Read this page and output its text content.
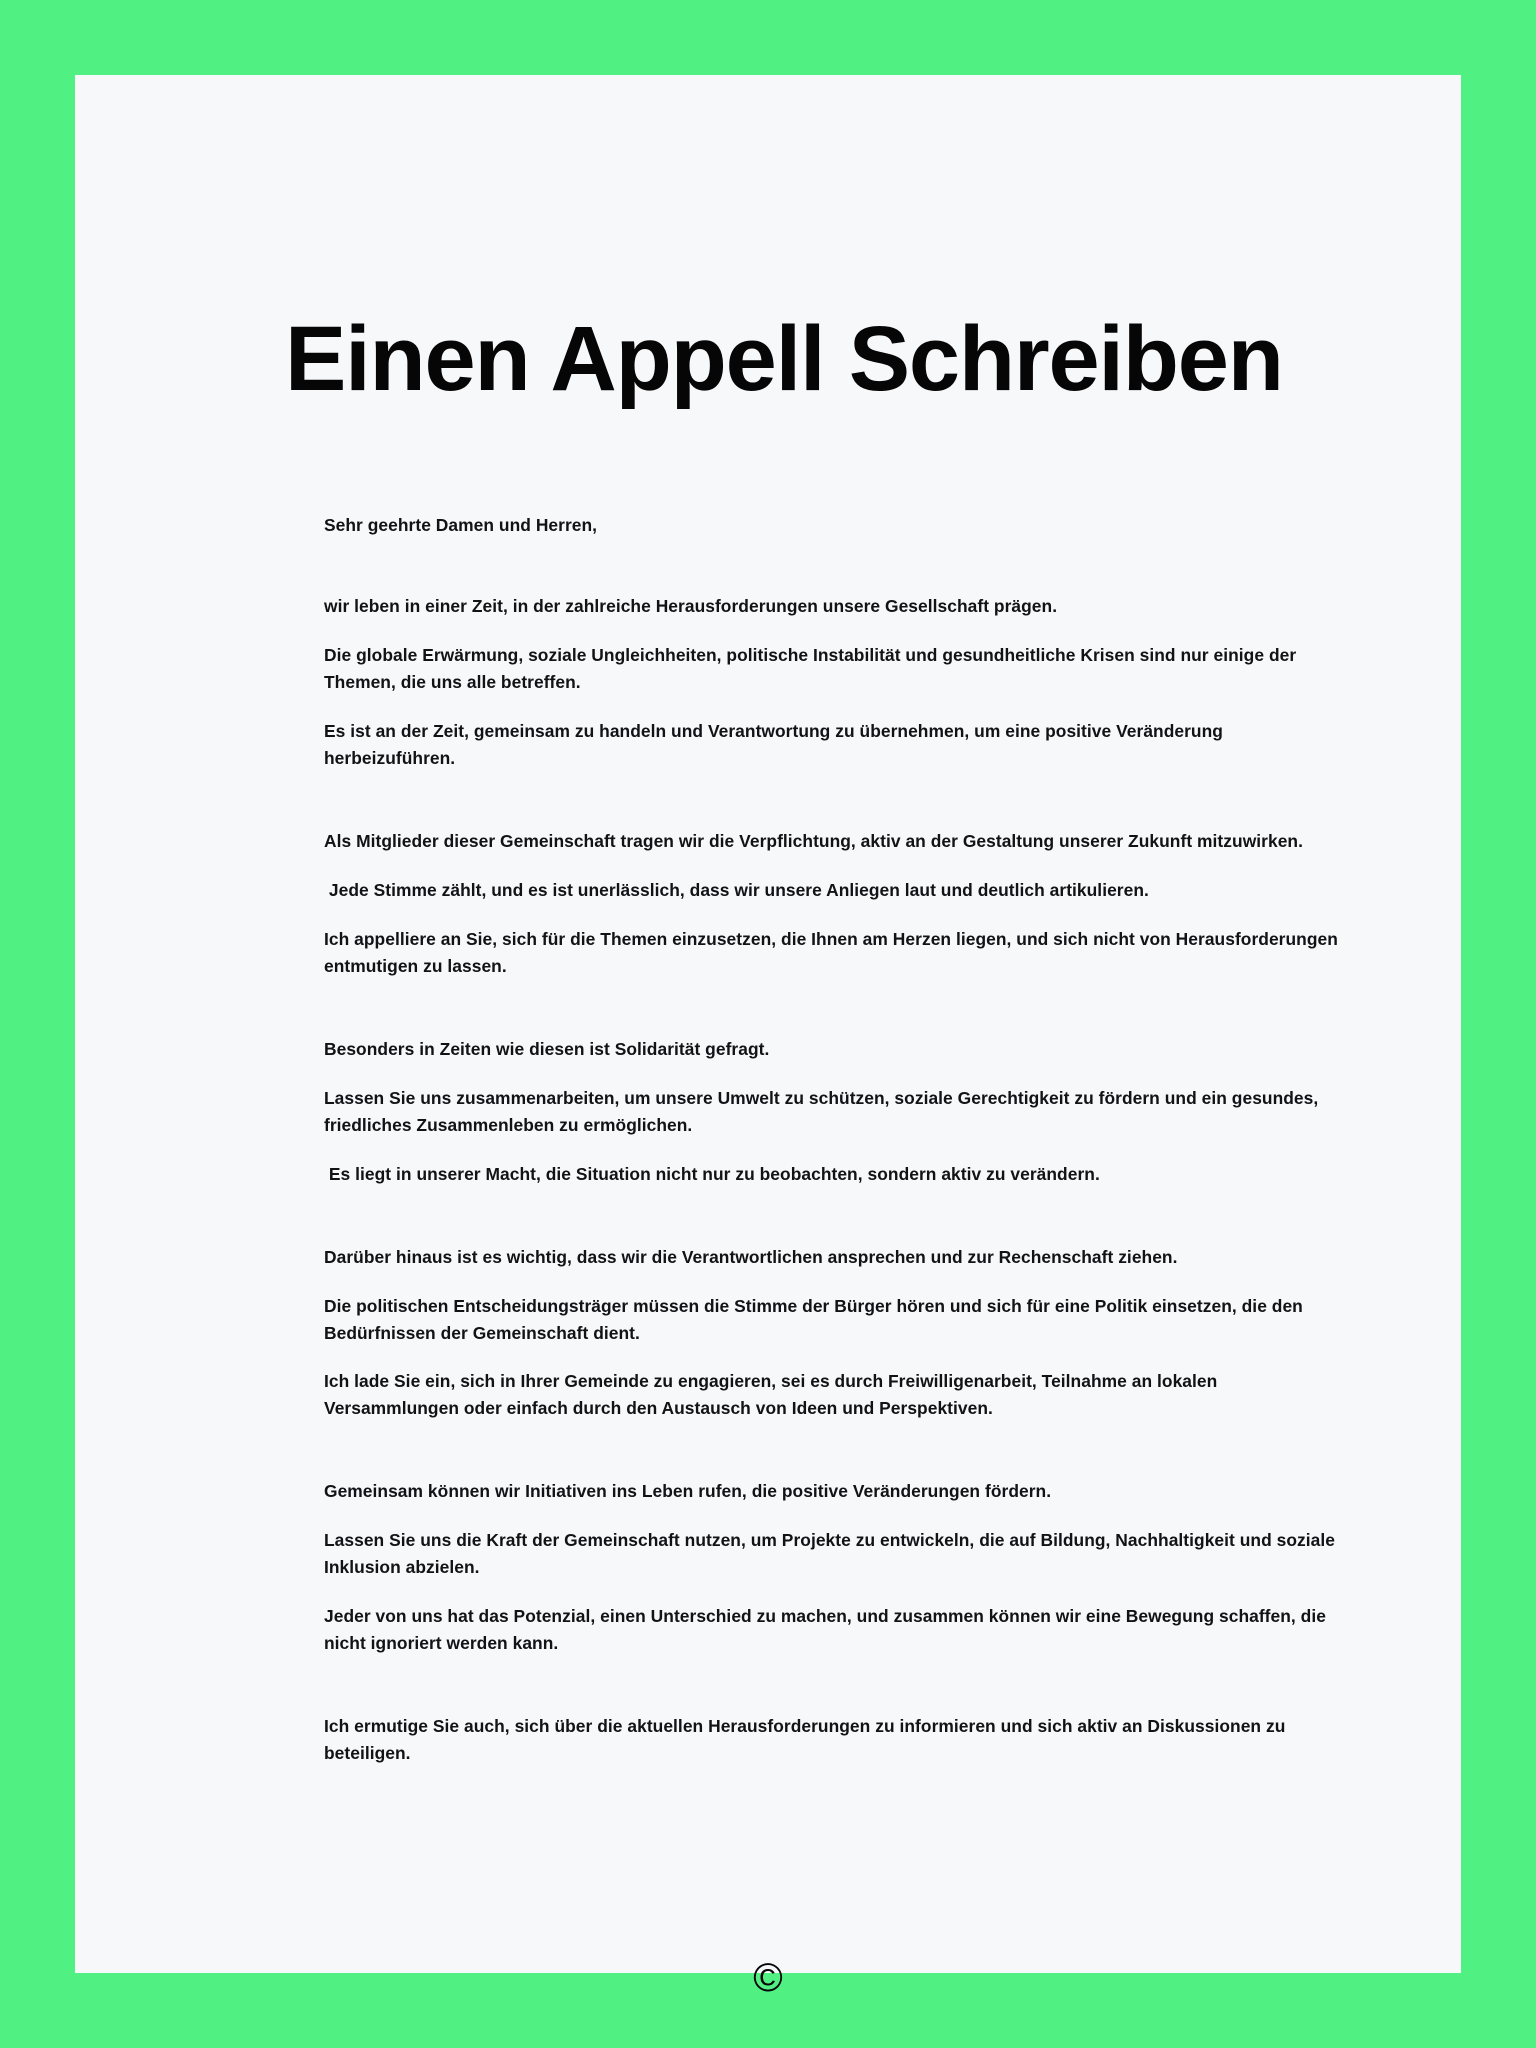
Einen Appell Schreiben

Sehr geehrte Damen und Herren,

wir leben in einer Zeit, in der zahlreiche Herausforderungen unsere Gesellschaft prägen.

Die globale Erwärmung, soziale Ungleichheiten, politische Instabilität und gesundheitliche Krisen sind nur einige der Themen, die uns alle betreffen.

Es ist an der Zeit, gemeinsam zu handeln und Verantwortung zu übernehmen, um eine positive Veränderung herbeizuführen.

Als Mitglieder dieser Gemeinschaft tragen wir die Verpflichtung, aktiv an der Gestaltung unserer Zukunft mitzuwirken.

Jede Stimme zählt, und es ist unerlässlich, dass wir unsere Anliegen laut und deutlich artikulieren.

Ich appelliere an Sie, sich für die Themen einzusetzen, die Ihnen am Herzen liegen, und sich nicht von Herausforderungen entmutigen zu lassen.

Besonders in Zeiten wie diesen ist Solidarität gefragt.

Lassen Sie uns zusammenarbeiten, um unsere Umwelt zu schützen, soziale Gerechtigkeit zu fördern und ein gesundes, friedliches Zusammenleben zu ermöglichen.

Es liegt in unserer Macht, die Situation nicht nur zu beobachten, sondern aktiv zu verändern.

Darüber hinaus ist es wichtig, dass wir die Verantwortlichen ansprechen und zur Rechenschaft ziehen.

Die politischen Entscheidungsträger müssen die Stimme der Bürger hören und sich für eine Politik einsetzen, die den Bedürfnissen der Gemeinschaft dient.

Ich lade Sie ein, sich in Ihrer Gemeinde zu engagieren, sei es durch Freiwilligenarbeit, Teilnahme an lokalen Versammlungen oder einfach durch den Austausch von Ideen und Perspektiven.

Gemeinsam können wir Initiativen ins Leben rufen, die positive Veränderungen fördern.

Lassen Sie uns die Kraft der Gemeinschaft nutzen, um Projekte zu entwickeln, die auf Bildung, Nachhaltigkeit und soziale Inklusion abzielen.

Jeder von uns hat das Potenzial, einen Unterschied zu machen, und zusammen können wir eine Bewegung schaffen, die nicht ignoriert werden kann.

Ich ermutige Sie auch, sich über die aktuellen Herausforderungen zu informieren und sich aktiv an Diskussionen zu beteiligen.

©
